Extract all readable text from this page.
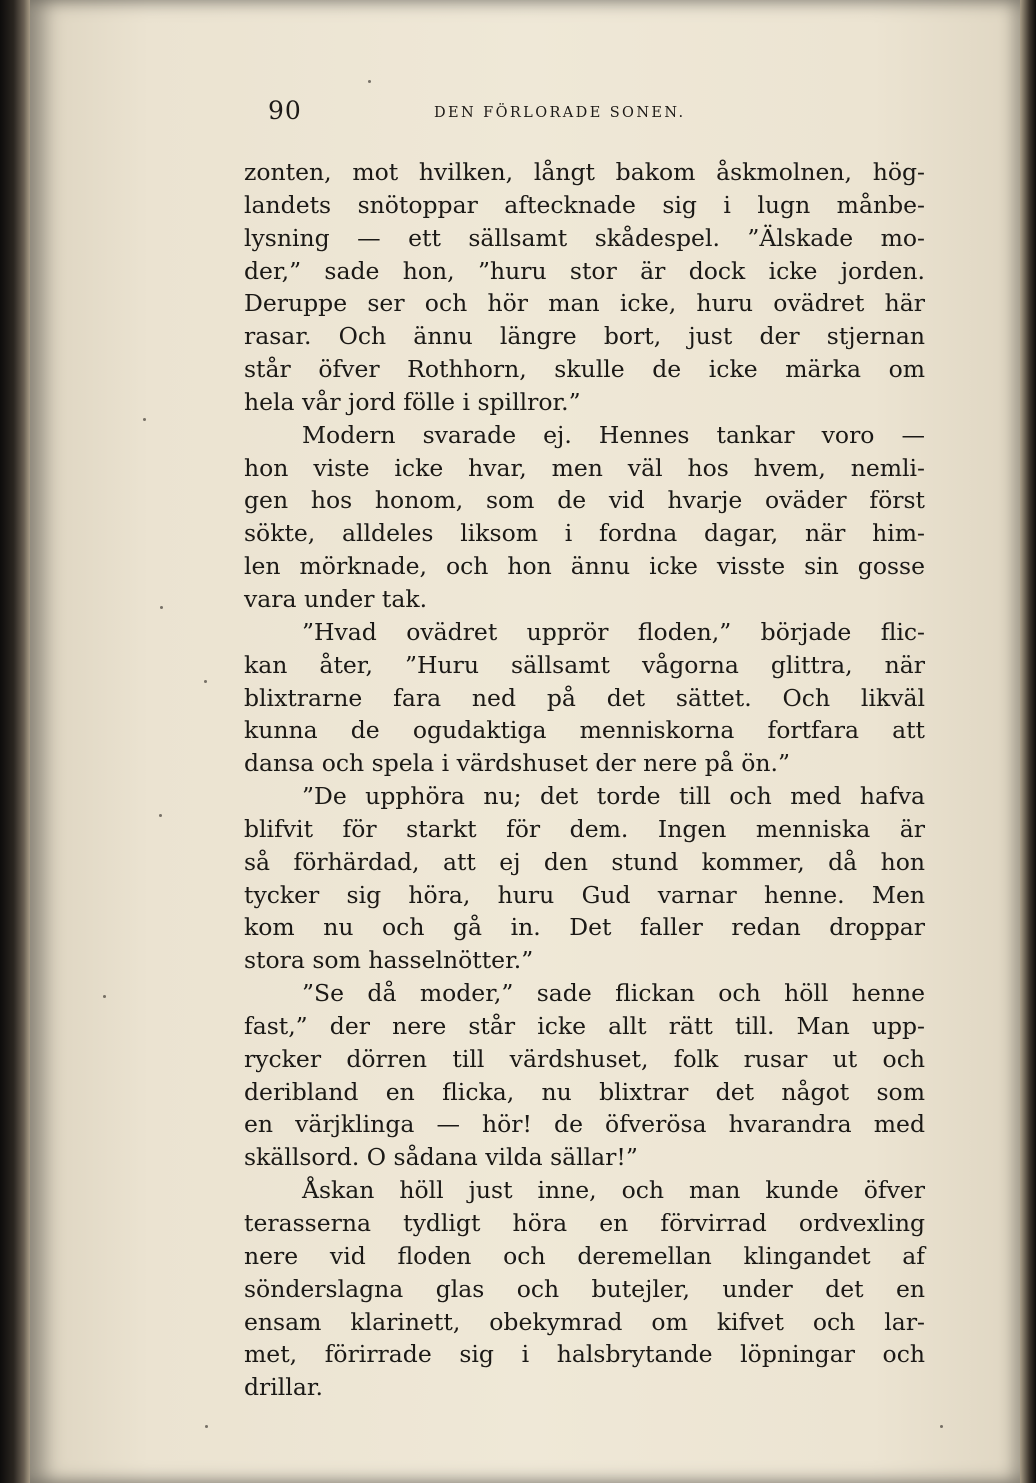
90	DEN FÖRLORADE SONEN.
zonten, mot hvilken, långt bakom åskmolnen, hög-
landets snötoppar aftecknade sig i lugn månbe-
lysning — ett sällsamt skådespel. ”Älskade mo-
der,” sade hon, ”huru stor är dock icke jorden.
Deruppe ser och hör man icke, huru ovädret här
rasar. Och ännu längre bort, just der stjernan
står öfver Rothhorn, skulle de icke märka om
hela vår jord fölle i spillror.”
Modern svarade ej. Hennes tankar voro —
hon viste icke hvar, men väl hos hvem, nemli-
gen hos honom, som de vid hvarje oväder först
sökte, alldeles liksom i fordna dagar, när him-
len mörknade, och hon ännu icke visste sin gosse
vara under tak.
”Hvad ovädret upprör floden,” började flic-
kan åter, ”Huru sällsamt vågorna glittra, när
blixtrarne fara ned på det sättet. Och likväl
kunna de ogudaktiga menniskorna fortfara att
dansa och spela i värdshuset der nere på ön.”
”De upphöra nu; det torde till och med hafva
blifvit för starkt för dem. Ingen menniska är
så förhärdad, att ej den stund kommer, då hon
tycker sig höra, huru Gud varnar henne. Men
kom nu och gå in. Det faller redan droppar
stora som hasselnötter.”
”Se då moder,” sade flickan och höll henne
fast,” der nere står icke allt rätt till. Man upp-
rycker dörren till värdshuset, folk rusar ut och
deribland en flicka, nu blixtrar det något som
en värjklinga — hör! de öfverösa hvarandra med
skällsord. O sådana vilda sällar!”
Åskan höll just inne, och man kunde öfver
terasserna tydligt höra en förvirrad ordvexling
nere vid floden och deremellan klingandet af
sönderslagna glas och butejler, under det en
ensam klarinett, obekymrad om kifvet och lar-
met, förirrade sig i halsbrytande löpningar och
drillar.
